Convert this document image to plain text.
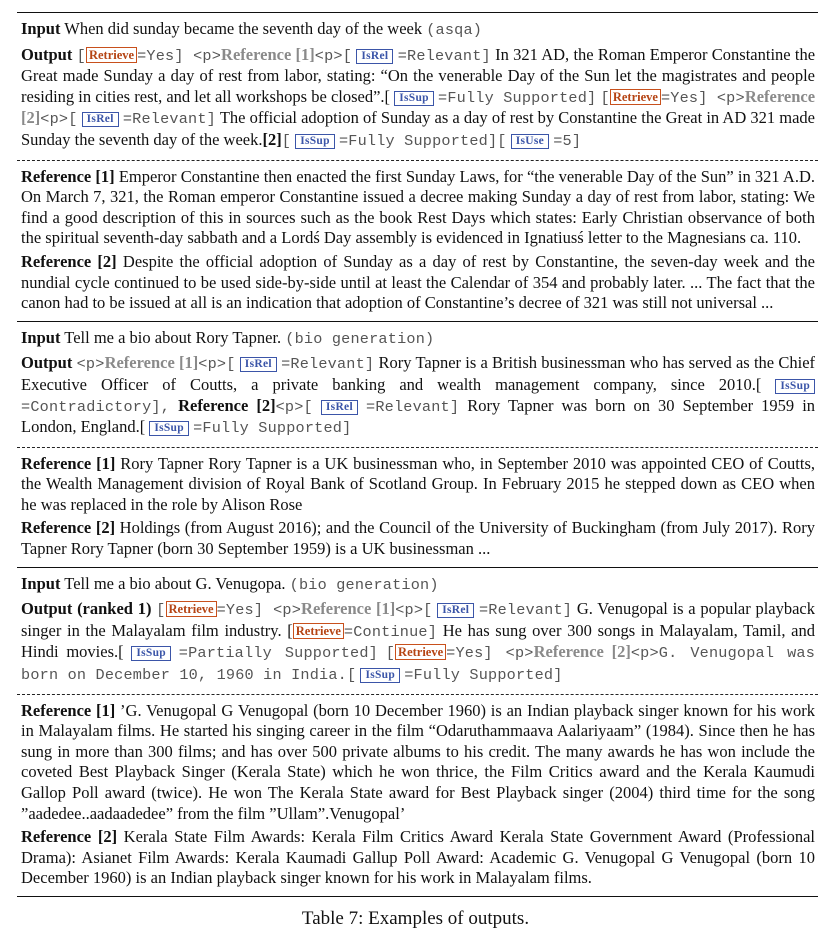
Input When did sunday became the seventh day of the week (asqa)
Output [ Retrieve =Yes] <p>Reference [1]<p>[ IsRel =Relevant] In 321 AD, the Roman Emperor Constantine the Great made Sunday a day of rest from labor, stating: “On the venerable Day of the Sun let the magistrates and people residing in cities rest, and let all workshops be closed”.[ IsSup =Fully Supported] [ Retrieve =Yes] <p>Reference [2]<p>[ IsRel =Relevant] The official adoption of Sunday as a day of rest by Constantine the Great in AD 321 made Sunday the seventh day of the week.[2][ IsSup =Fully Supported][ IsUse =5]
Reference [1] Emperor Constantine then enacted the first Sunday Laws, for “the venerable Day of the Sun” in 321 A.D. On March 7, 321, the Roman emperor Constantine issued a decree making Sunday a day of rest from labor, stating: We find a good description of this in sources such as the book Rest Days which states: Early Christian observance of both the spiritual seventh-day sabbath and a Lordś Day assembly is evidenced in Ignatiusś letter to the Magnesians ca. 110.
Reference [2] Despite the official adoption of Sunday as a day of rest by Constantine, the seven-day week and the nundial cycle continued to be used side-by-side until at least the Calendar of 354 and probably later. ... The fact that the canon had to be issued at all is an indication that adoption of Constantine’s decree of 321 was still not universal ...
Input Tell me a bio about Rory Tapner. (bio generation)
Output <p>Reference [1]<p>[ IsRel =Relevant] Rory Tapner is a British businessman who has served as the Chief Executive Officer of Coutts, a private banking and wealth management company, since 2010.[ IsSup =Contradictory], Reference [2]<p>[ IsRel =Relevant] Rory Tapner was born on 30 September 1959 in London, England.[ IsSup =Fully Supported]
Reference [1] Rory Tapner Rory Tapner is a UK businessman who, in September 2010 was appointed CEO of Coutts, the Wealth Management division of Royal Bank of Scotland Group. In February 2015 he stepped down as CEO when he was replaced in the role by Alison Rose
Reference [2] Holdings (from August 2016); and the Council of the University of Buckingham (from July 2017). Rory Tapner Rory Tapner (born 30 September 1959) is a UK businessman ...
Input Tell me a bio about G. Venugopa. (bio generation)
Output (ranked 1) [ Retrieve =Yes] <p>Reference [1]<p>[ IsRel =Relevant] G. Venugopal is a popular playback singer in the Malayalam film industry. [ Retrieve =Continue] He has sung over 300 songs in Malayalam, Tamil, and Hindi movies.[ IsSup =Partially Supported] [ Retrieve =Yes] <p>Reference [2]<p>G. Venugopal was born on December 10, 1960 in India.[ IsSup =Fully Supported]
Reference [1] ’G. Venugopal G Venugopal (born 10 December 1960) is an Indian playback singer known for his work in Malayalam films. He started his singing career in the film “Odaruthammaava Aalariyaam” (1984). Since then he has sung in more than 300 films; and has over 500 private albums to his credit. The many awards he has won include the coveted Best Playback Singer (Kerala State) which he won thrice, the Film Critics award and the Kerala Kaumudi Gallop Poll award (twice). He won The Kerala State award for Best Playback singer (2004) third time for the song ”aadedee..aadaadedee” from the film ”Ullam”.Venugopal’
Reference [2] Kerala State Film Awards: Kerala Film Critics Award Kerala State Government Award (Professional Drama): Asianet Film Awards: Kerala Kaumadi Gallup Poll Award: Academic G. Venugopal G Venugopal (born 10 December 1960) is an Indian playback singer known for his work in Malayalam films.
Table 7: Examples of outputs.
